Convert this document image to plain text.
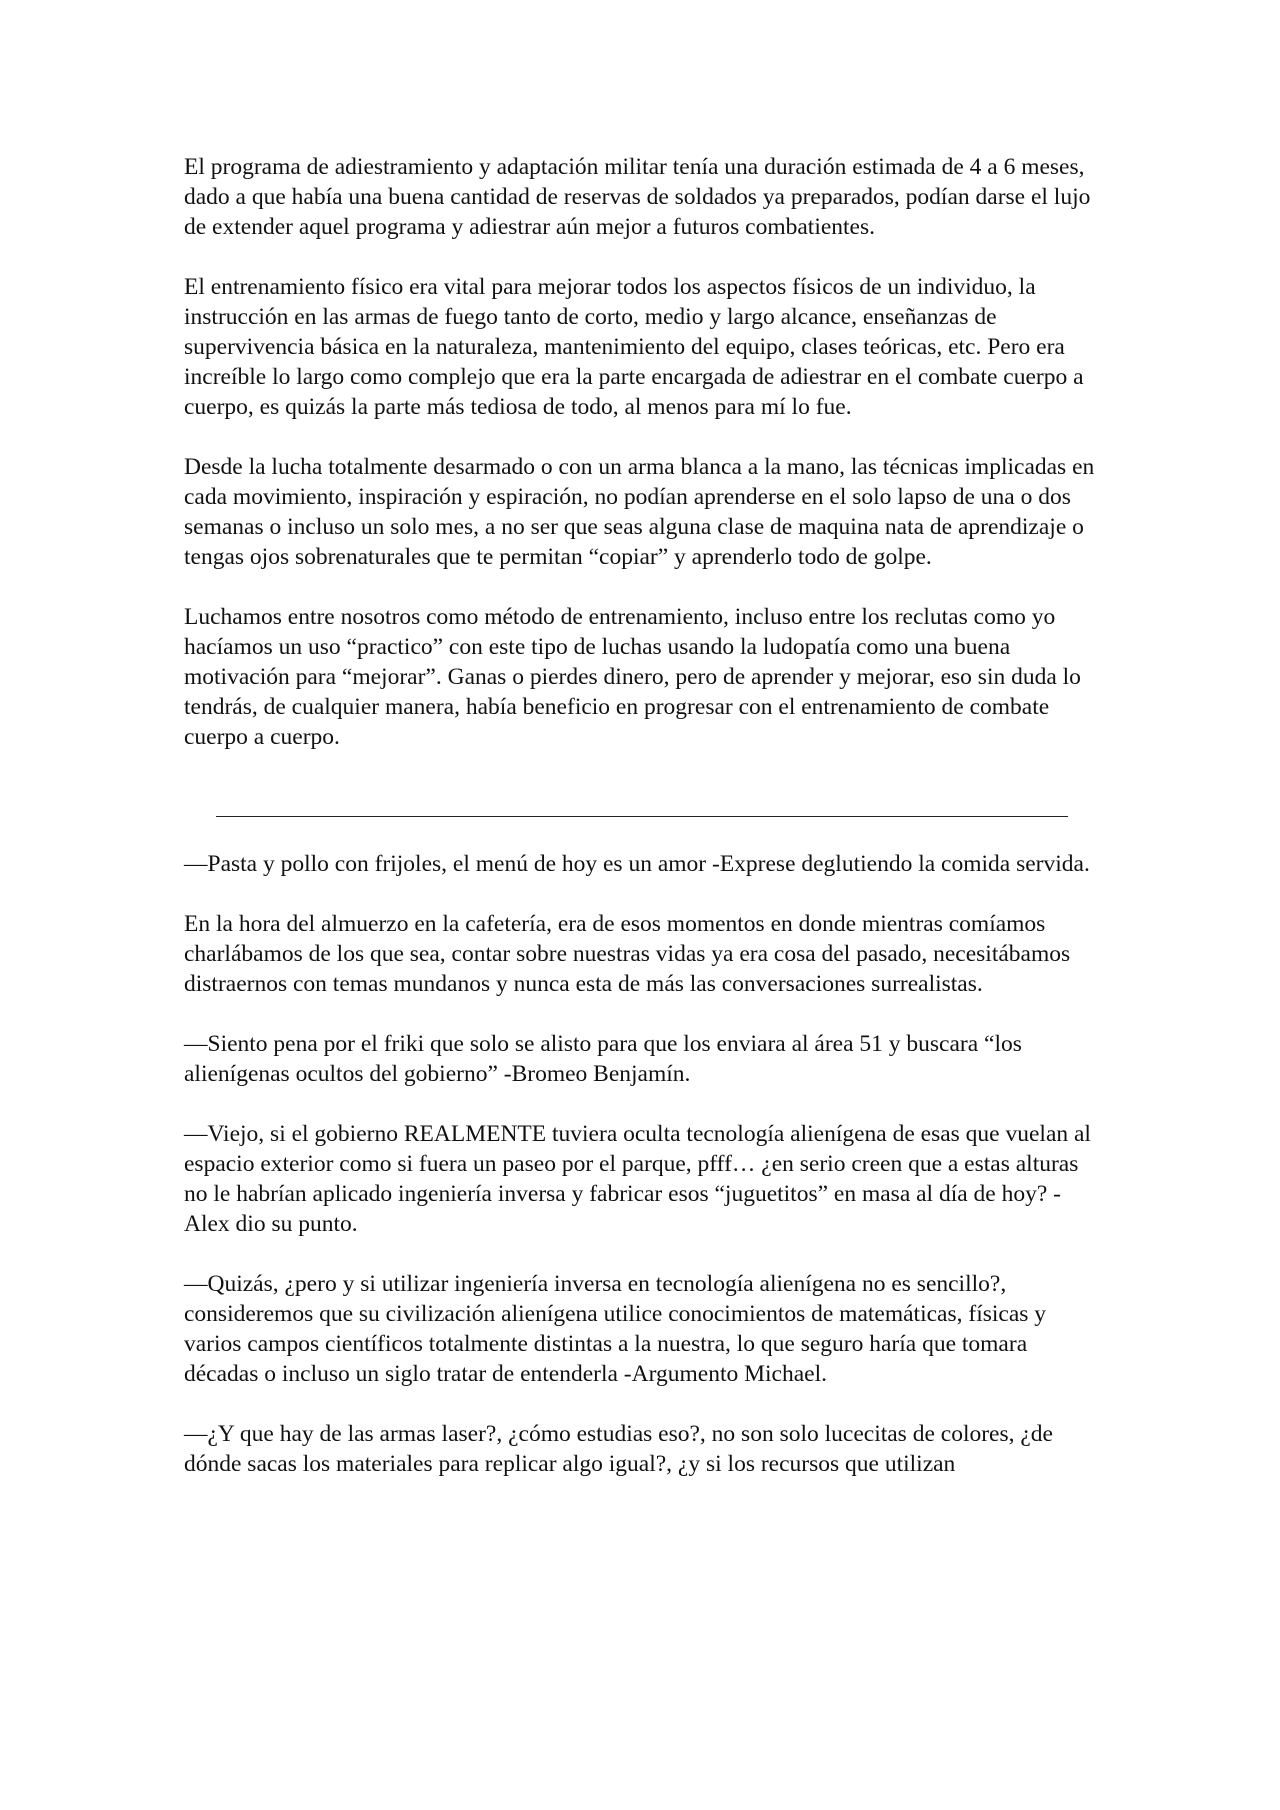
El programa de adiestramiento y adaptación militar tenía una duración estimada de 4 a 6 meses, dado a que había una buena cantidad de reservas de soldados ya preparados, podían darse el lujo de extender aquel programa y adiestrar aún mejor a futuros combatientes.

El entrenamiento físico era vital para mejorar todos los aspectos físicos de un individuo, la instrucción en las armas de fuego tanto de corto, medio y largo alcance, enseñanzas de supervivencia básica en la naturaleza, mantenimiento del equipo, clases teóricas, etc. Pero era increíble lo largo como complejo que era la parte encargada de adiestrar en el combate cuerpo a cuerpo, es quizás la parte más tediosa de todo, al menos para mí lo fue.

Desde la lucha totalmente desarmado o con un arma blanca a la mano, las técnicas implicadas en cada movimiento, inspiración y espiración, no podían aprenderse en el solo lapso de una o dos semanas o incluso un solo mes, a no ser que seas alguna clase de maquina nata de aprendizaje o tengas ojos sobrenaturales que te permitan “copiar” y aprenderlo todo de golpe.

Luchamos entre nosotros como método de entrenamiento, incluso entre los reclutas como yo hacíamos un uso “practico” con este tipo de luchas usando la ludopatía como una buena motivación para “mejorar”. Ganas o pierdes dinero, pero de aprender y mejorar, eso sin duda lo tendrás, de cualquier manera, había beneficio en progresar con el entrenamiento de combate cuerpo a cuerpo.

—Pasta y pollo con frijoles, el menú de hoy es un amor -Exprese deglutiendo la comida servida.

En la hora del almuerzo en la cafetería, era de esos momentos en donde mientras comíamos charlábamos de los que sea, contar sobre nuestras vidas ya era cosa del pasado, necesitábamos distraernos con temas mundanos y nunca esta de más las conversaciones surrealistas.

—Siento pena por el friki que solo se alisto para que los enviara al área 51 y buscara “los alienígenas ocultos del gobierno” -Bromeo Benjamín.

—Viejo, si el gobierno REALMENTE tuviera oculta tecnología alienígena de esas que vuelan al espacio exterior como si fuera un paseo por el parque, pfff… ¿en serio creen que a estas alturas no le habrían aplicado ingeniería inversa y fabricar esos “juguetitos” en masa al día de hoy? -Alex dio su punto.

—Quizás, ¿pero y si utilizar ingeniería inversa en tecnología alienígena no es sencillo?, consideremos que su civilización alienígena utilice conocimientos de matemáticas, físicas y varios campos científicos totalmente distintas a la nuestra, lo que seguro haría que tomara décadas o incluso un siglo tratar de entenderla -Argumento Michael.

—¿Y que hay de las armas laser?, ¿cómo estudias eso?, no son solo lucecitas de colores, ¿de dónde sacas los materiales para replicar algo igual?, ¿y si los recursos que utilizan
